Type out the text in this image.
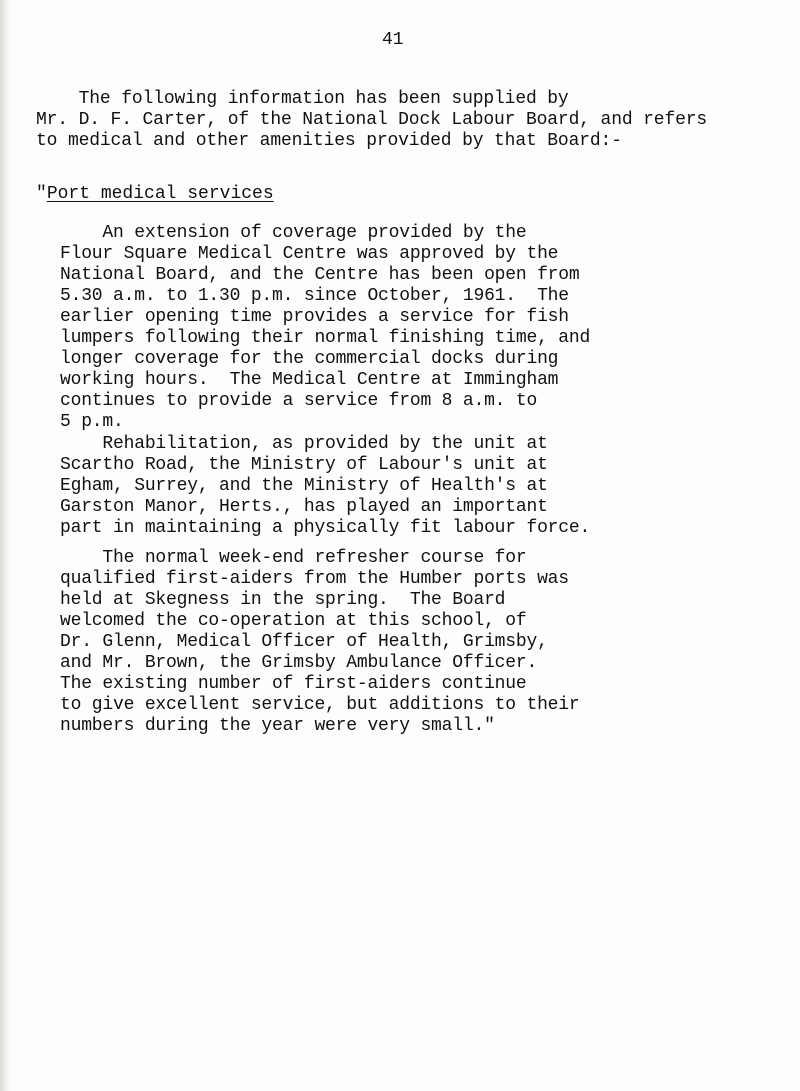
41
The following information has been supplied by
Mr. D. F. Carter, of the National Dock Labour Board, and refers
to medical and other amenities provided by that Board:-
"Port medical services
An extension of coverage provided by the
Flour Square Medical Centre was approved by the
National Board, and the Centre has been open from
5.30 a.m. to 1.30 p.m. since October, 1961.  The
earlier opening time provides a service for fish
lumpers following their normal finishing time, and
longer coverage for the commercial docks during
working hours.  The Medical Centre at Immingham
continues to provide a service from 8 a.m. to
5 p.m.
Rehabilitation, as provided by the unit at
Scartho Road, the Ministry of Labour's unit at
Egham, Surrey, and the Ministry of Health's at
Garston Manor, Herts., has played an important
part in maintaining a physically fit labour force.
The normal week-end refresher course for
qualified first-aiders from the Humber ports was
held at Skegness in the spring.  The Board
welcomed the co-operation at this school, of
Dr. Glenn, Medical Officer of Health, Grimsby,
and Mr. Brown, the Grimsby Ambulance Officer.
The existing number of first-aiders continue
to give excellent service, but additions to their
numbers during the year were very small."
